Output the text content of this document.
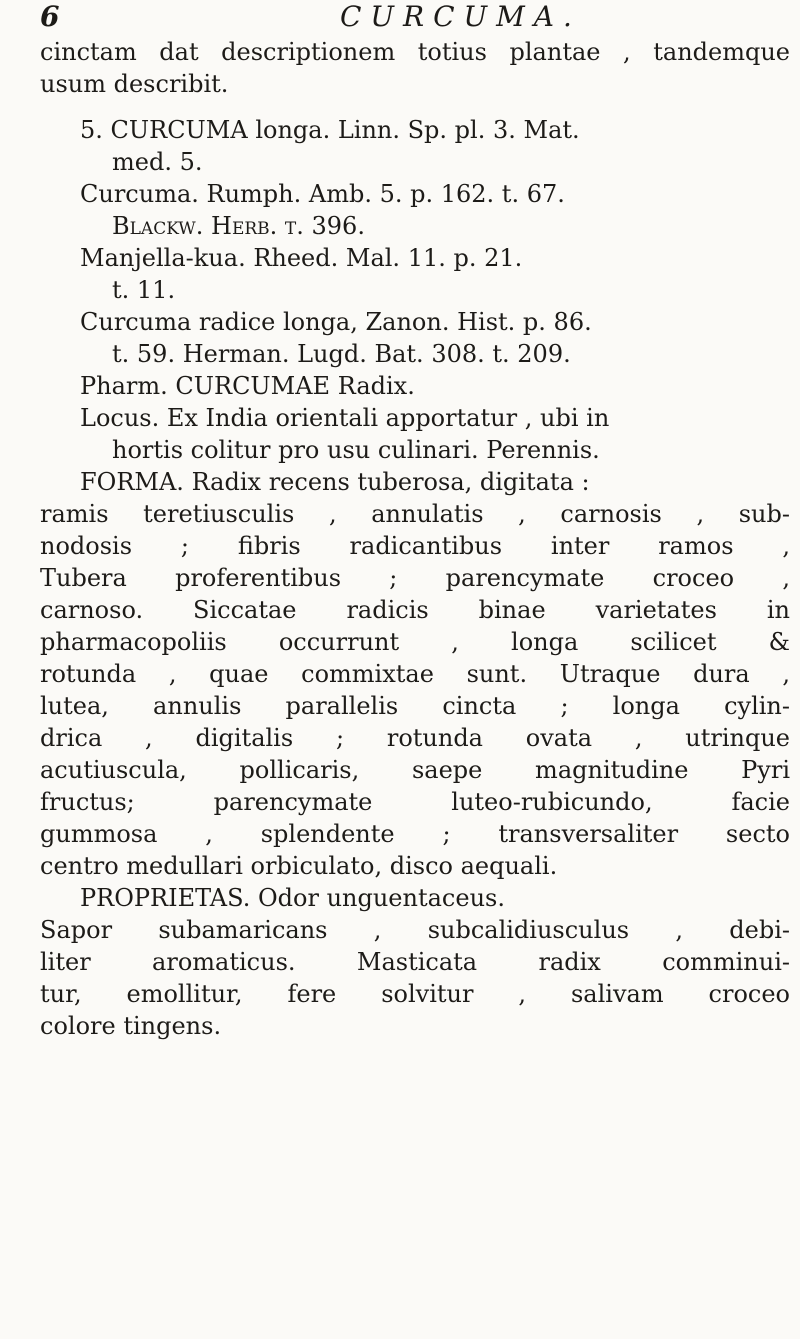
6	CURCUMA.
cinctam dat descriptionem totius plantae , tandemque
usum describit.
5. CURCUMA longa. Linn. Sp. pl. 3. Mat.
med. 5.
Curcuma. Rumph. Amb. 5. p. 162. t. 67.
Blackw. Herb. t. 396.
Manjella-kua. Rheed. Mal. 11. p. 21.
t. 11.
Curcuma radice longa, Zanon. Hist. p. 86.
t. 59. Herman. Lugd. Bat. 308. t. 209.
Pharm. CURCUMAE Radix.
Locus. Ex India orientali apportatur , ubi in
hortis colitur pro usu culinari. Perennis.
FORMA. Radix recens tuberosa, digitata :
ramis teretiusculis , annulatis , carnosis , sub-
nodosis ; fibris radicantibus inter ramos ,
Tubera proferentibus ; parencymate croceo ,
carnoso. Siccatae radicis binae varietates in
pharmacopoliis occurrunt , longa scilicet &
rotunda , quae commixtae sunt. Utraque dura ,
lutea, annulis parallelis cincta ; longa cylin-
drica , digitalis ; rotunda ovata , utrinque
acutiuscula, pollicaris, saepe magnitudine Pyri
fructus; parencymate luteo-rubicundo, facie
gummosa , splendente ; transversaliter secto
centro medullari orbiculato, disco aequali.
PROPRIETAS. Odor unguentaceus.
Sapor subamaricans , subcalidiusculus , debi-
liter aromaticus. Masticata radix comminui-
tur, emollitur, fere solvitur , salivam croceo
colore tingens.
